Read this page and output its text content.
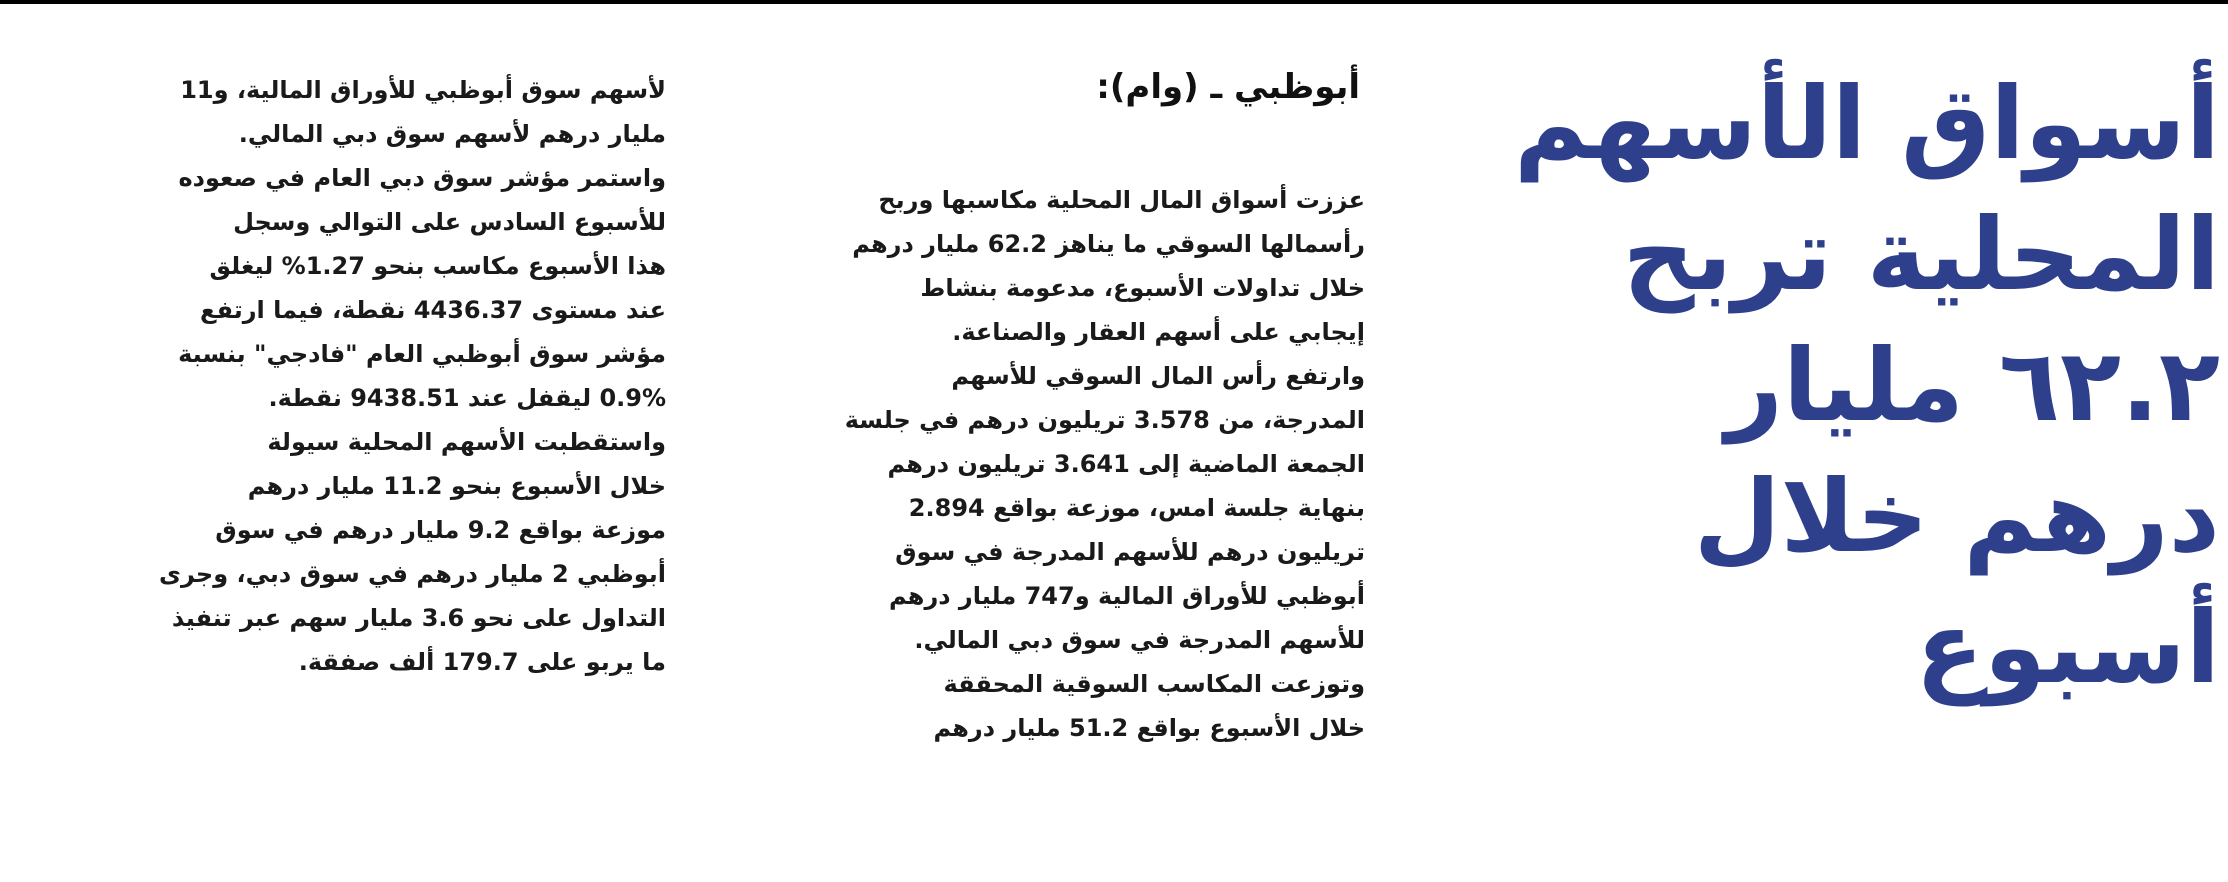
أسواق الأسهم
المحلية تربح
٦٢.٢ مليار
درهم خلال
أسبوع
أبوظبي ـ (وام):
عززت أسواق المال المحلية مكاسبها وربح
رأسمالها السوقي ما يناهز 62.2 مليار درهم
خلال تداولات الأسبوع، مدعومة بنشاط
إيجابي على أسهم العقار والصناعة.
وارتفع رأس المال السوقي للأسهم
المدرجة، من 3.578 تريليون درهم في جلسة
الجمعة الماضية إلى 3.641 تريليون درهم
بنهاية جلسة امس، موزعة بواقع 2.894
تريليون درهم للأسهم المدرجة في سوق
أبوظبي للأوراق المالية و747 مليار درهم
للأسهم المدرجة في سوق دبي المالي.
وتوزعت المكاسب السوقية المحققة
خلال الأسبوع بواقع 51.2 مليار درهم
لأسهم سوق أبوظبي للأوراق المالية، و11
مليار درهم لأسهم سوق دبي المالي.
واستمر مؤشر سوق دبي العام في صعوده
للأسبوع السادس على التوالي وسجل
هذا الأسبوع مكاسب بنحو 1.27% ليغلق
عند مستوى 4436.37 نقطة، فيما ارتفع
مؤشر سوق أبوظبي العام "فادجي" بنسبة
0.9% ليقفل عند 9438.51 نقطة.
واستقطبت الأسهم المحلية سيولة
خلال الأسبوع بنحو 11.2 مليار درهم
موزعة بواقع 9.2 مليار درهم في سوق
أبوظبي 2 مليار درهم في سوق دبي، وجرى
التداول على نحو 3.6 مليار سهم عبر تنفيذ
ما يربو على 179.7 ألف صفقة.
